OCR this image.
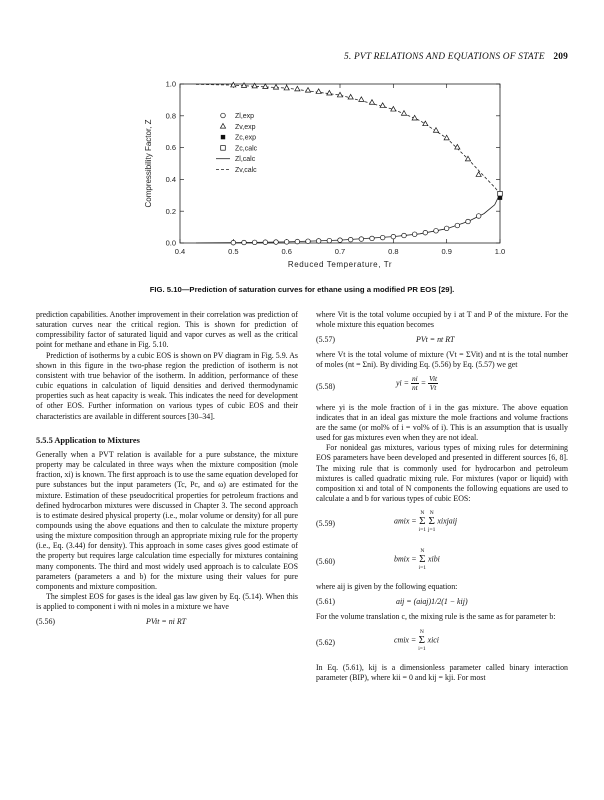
5. PVT RELATIONS AND EQUATIONS OF STATE 209
0.4	0.5	0.6	0.7	0.8	0.9	1.0
0.0
0.2
0.4
0.6
0.8
1.0
Reduced Temperature, Tr
Compressibility Factor, Z
Zl,exp
Zv,exp
Zc,exp
Zc,calc
Zl,calc
Zv,calc
FIG. 5.10—Prediction of saturation curves for ethane using a modified PR EOS [29].

prediction capabilities. Another improvement in their correlation was prediction of saturation curves near the critical region. This is shown for prediction of compressibility factor of saturated liquid and vapor curves as well as the critical point for methane and ethane in Fig. 5.10.

Prediction of isotherms by a cubic EOS is shown on PV diagram in Fig. 5.9. As shown in this figure in the two-phase region the prediction of isotherm is not consistent with true behavior of the isotherm. In addition, performance of these cubic equations in calculation of liquid densities and derived thermodynamic properties such as heat capacity is weak. This indicates the need for development of other EOS. Further information on various types of cubic EOS and their characteristics are available in different sources [30–34].

5.5.5 Application to Mixtures

Generally when a PVT relation is available for a pure substance, the mixture property may be calculated in three ways when the mixture composition (mole fraction, xi) is known. The first approach is to use the same equation developed for pure substances but the input parameters (Tc, Pc, and ω) are estimated for the mixture. Estimation of these pseudocritical properties for petroleum fractions and defined hydrocarbon mixtures were discussed in Chapter 3. The second approach is to estimate desired physical property (i.e., molar volume or density) for all pure compounds using the above equations and then to calculate the mixture property using the mixture composition through an appropriate mixing rule for the property (i.e., Eq. (3.44) for density). This approach in some cases gives good estimate of the property but requires large calculation time especially for mixtures containing many components. The third and most widely used approach is to calculate EOS parameters (parameters a and b) for the mixture using their values for pure components and mixture composition.

The simplest EOS for gases is the ideal gas law given by Eq. (5.14). When this is applied to component i with ni moles in a mixture we have

(5.56)	PVit = ni RT

where Vit is the total volume occupied by i at T and P of the mixture. For the whole mixture this equation becomes

(5.57)	PVt = nt RT

where Vt is the total volume of mixture (Vt = ΣVit) and nt is the total number of moles (nt = Σni). By dividing Eq. (5.56) by Eq. (5.57) we get

(5.58)	yi = $\frac{ni}{nt} = \frac{\text{Vit}}{Vt}$

where yi is the mole fraction of i in the gas mixture. The above equation indicates that in an ideal gas mixture the mole fractions and volume fractions are the same (or mol% of i = vol% of i). This is an assumption that is usually used for gas mixtures even when they are not ideal.

For nonideal gas mixtures, various types of mixing rules for determining EOS parameters have been developed and presented in different sources [6, 8]. The mixing rule that is commonly used for hydrocarbon and petroleum mixtures is called quadratic mixing rule. For mixtures (vapor or liquid) with composition xi and total of N components the following equations are used to calculate a and b for various types of cubic EOS:

(5.59)	amix =
N
Σ
i=1

N
Σ
j=1
xixjaij
(5.60)	bmix =
N
Σ
i=1
xibi

where aij is given by the following equation:

(5.61)	aij = (aiaj)1/2(1 − kij)

For the volume translation c, the mixing rule is the same as for parameter b:

(5.62)	cmix =
N
Σ
i=1
xici

In Eq. (5.61), kij is a dimensionless parameter called binary interaction parameter (BIP), where kii = 0 and kij = kji. For most
